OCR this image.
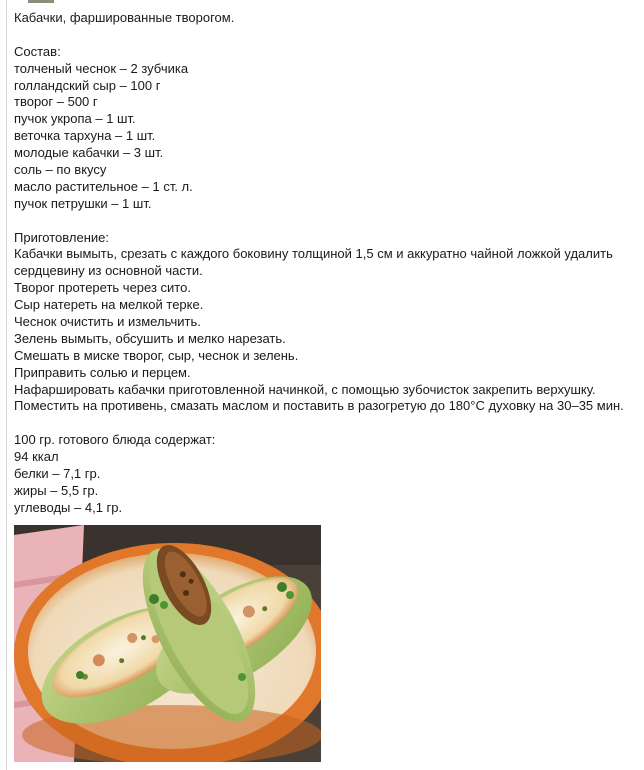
Кабачки, фаршированные творогом.
Состав:
толченый чеснок – 2 зубчика
голландский сыр – 100 г
творог – 500 г
пучок укропа – 1 шт.
веточка тархуна – 1 шт.
молодые кабачки – 3 шт.
соль – по вкусу
масло растительное – 1 ст. л.
пучок петрушки – 1 шт.
Приготовление:
Кабачки вымыть, срезать с каждого боковину толщиной 1,5 см и аккуратно чайной ложкой удалить
сердцевину из основной части.
Творог протереть через сито.
Сыр натереть на мелкой терке.
Чеснок очистить и измельчить.
Зелень вымыть, обсушить и мелко нарезать.
Смешать в миске творог, сыр, чеснок и зелень.
Приправить солью и перцем.
Нафаршировать кабачки приготовленной начинкой, с помощью зубочисток закрепить верхушку.
Поместить на противень, смазать маслом и поставить в разогретую до 180°С духовку на 30–35 мин.
100 гр. готового блюда содержат:
94 ккал
белки – 7,1 гр.
жиры – 5,5 гр.
углеводы – 4,1 гр.
